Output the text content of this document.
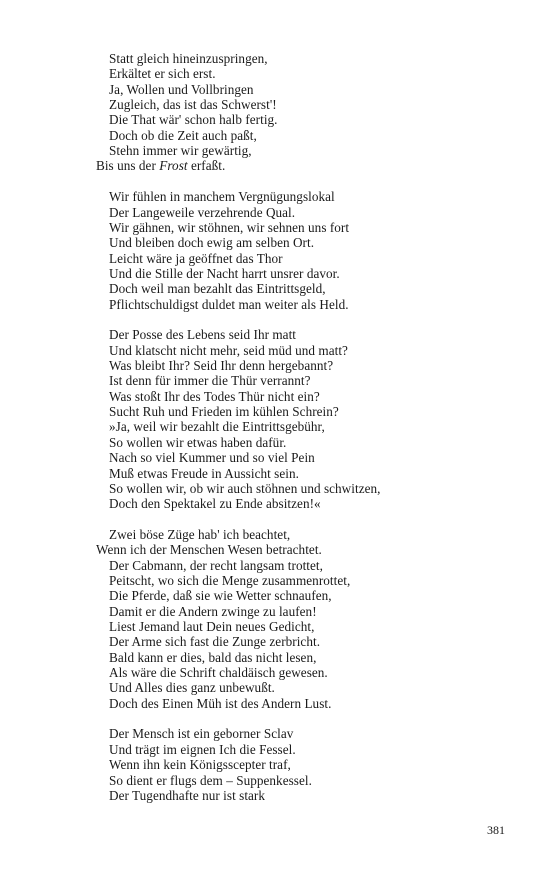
Statt gleich hineinzuspringen,
Erkältet er sich erst.
Ja, Wollen und Vollbringen
Zugleich, das ist das Schwerst'!
Die That wär' schon halb fertig.
Doch ob die Zeit auch paßt,
Stehn immer wir gewärtig,
Bis uns der Frost erfaßt.
Wir fühlen in manchem Vergnügungslokal
Der Langeweile verzehrende Qual.
Wir gähnen, wir stöhnen, wir sehnen uns fort
Und bleiben doch ewig am selben Ort.
Leicht wäre ja geöffnet das Thor
Und die Stille der Nacht harrt unsrer davor.
Doch weil man bezahlt das Eintrittsgeld,
Pflichtschuldigst duldet man weiter als Held.
Der Posse des Lebens seid Ihr matt
Und klatscht nicht mehr, seid müd und matt?
Was bleibt Ihr? Seid Ihr denn hergebannt?
Ist denn für immer die Thür verrannt?
Was stoßt Ihr des Todes Thür nicht ein?
Sucht Ruh und Frieden im kühlen Schrein?
»Ja, weil wir bezahlt die Eintrittsgebühr,
So wollen wir etwas haben dafür.
Nach so viel Kummer und so viel Pein
Muß etwas Freude in Aussicht sein.
So wollen wir, ob wir auch stöhnen und schwitzen,
Doch den Spektakel zu Ende absitzen!«
Zwei böse Züge hab' ich beachtet,
Wenn ich der Menschen Wesen betrachtet.
Der Cabmann, der recht langsam trottet,
Peitscht, wo sich die Menge zusammenrottet,
Die Pferde, daß sie wie Wetter schnaufen,
Damit er die Andern zwinge zu laufen!
Liest Jemand laut Dein neues Gedicht,
Der Arme sich fast die Zunge zerbricht.
Bald kann er dies, bald das nicht lesen,
Als wäre die Schrift chaldäisch gewesen.
Und Alles dies ganz unbewußt.
Doch des Einen Müh ist des Andern Lust.
Der Mensch ist ein geborner Sclav
Und trägt im eignen Ich die Fessel.
Wenn ihn kein Königsscepter traf,
So dient er flugs dem – Suppenkessel.
Der Tugendhafte nur ist stark
381
